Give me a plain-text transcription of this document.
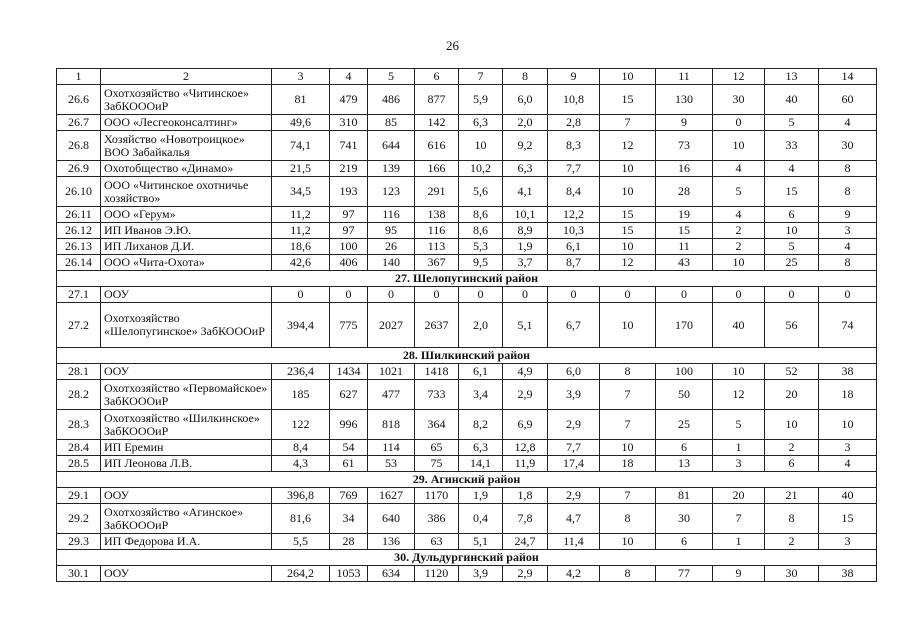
26
1	2	3	4	5	6	7	8	9	10	11	12	13	14
26.6	Охотхозяйство «Читинское» ЗабКОООиР	81	479	486	877	5,9	6,0	10,8	15	130	30	40	60
26.7	ООО «Лесгеоконсалтинг»	49,6	310	85	142	6,3	2,0	2,8	7	9	0	5	4
26.8	Хозяйство «Новотроицкое» ВОО Забайкалья	74,1	741	644	616	10	9,2	8,3	12	73	10	33	30
26.9	Охотобщество «Динамо»	21,5	219	139	166	10,2	6,3	7,7	10	16	4	4	8
26.10	ООО «Читинское охотничье хозяйство»	34,5	193	123	291	5,6	4,1	8,4	10	28	5	15	8
26.11	ООО «Герум»	11,2	97	116	138	8,6	10,1	12,2	15	19	4	6	9
26.12	ИП Иванов Э.Ю.	11,2	97	95	116	8,6	8,9	10,3	15	15	2	10	3
26.13	ИП Лиханов Д.И.	18,6	100	26	113	5,3	1,9	6,1	10	11	2	5	4
26.14	ООО «Чита-Охота»	42,6	406	140	367	9,5	3,7	8,7	12	43	10	25	8
27. Шелопугинский район													
27.1	ООУ	0	0	0	0	0	0	0	0	0	0	0	0
27.2	Охотхозяйство «Шелопугинское» ЗабКОООиР	394,4	775	2027	2637	2,0	5,1	6,7	10	170	40	56	74
28. Шилкинский район													
28.1	ООУ	236,4	1434	1021	1418	6,1	4,9	6,0	8	100	10	52	38
28.2	Охотхозяйство «Первомайское» ЗабКОООиР	185	627	477	733	3,4	2,9	3,9	7	50	12	20	18
28.3	Охотхозяйство «Шилкинское» ЗабКОООиР	122	996	818	364	8,2	6,9	2,9	7	25	5	10	10
28.4	ИП Еремин	8,4	54	114	65	6,3	12,8	7,7	10	6	1	2	3
28.5	ИП Леонова Л.В.	4,3	61	53	75	14,1	11,9	17,4	18	13	3	6	4
29. Агинский район													
29.1	ООУ	396,8	769	1627	1170	1,9	1,8	2,9	7	81	20	21	40
29.2	Охотхозяйство «Агинское» ЗабКОООиР	81,6	34	640	386	0,4	7,8	4,7	8	30	7	8	15
29.3	ИП Федорова И.А.	5,5	28	136	63	5,1	24,7	11,4	10	6	1	2	3
30. Дульдургинский район													
30.1	ООУ	264,2	1053	634	1120	3,9	2,9	4,2	8	77	9	30	38
